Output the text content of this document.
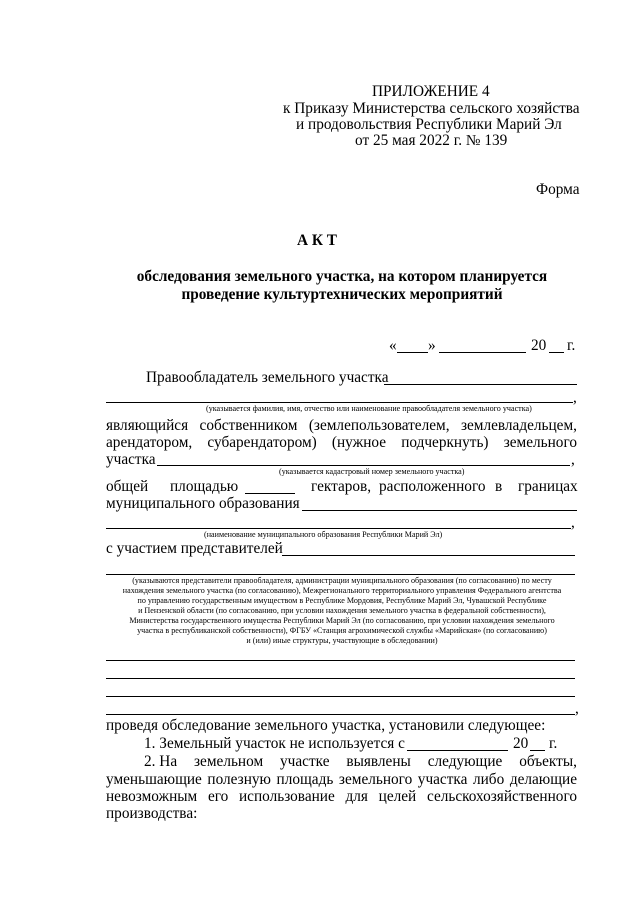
ПРИЛОЖЕНИЕ 4
к Приказу Министерства сельского хозяйства
и продовольствия Республики Марий Эл
от 25 мая 2022 г. № 139
Форма
А К Т
обследования земельного участка, на котором планируется
проведение культуртехнических мероприятий
« »	20 г.
Правообладатель земельного участка
,
(указывается фамилия, имя, отчество или наименование правообладателя земельного участка)
являющийся собственником (землепользователем, землевладельцем,
арендатором, субарендатором) (нужное подчеркнуть) земельного
участка	,
(указывается кадастровый номер земельного участка)
общей площадью	гектаров, расположенного в границах
муниципального образования
,
(наименование муниципального образования Республики Марий Эл)
с участием представителей
(указываются представители правообладателя, администрации муниципального образования (по согласованию) по месту
нахождения земельного участка (по согласованию), Межрегионального территориального управления Федерального агентства
по управлению государственным имуществом в Республике Мордовия, Республике Марий Эл, Чувашской Республике
и Пензенской области (по согласованию, при условии нахождения земельного участка в федеральной собственности),
Министерства государственного имущества Республики Марий Эл (по согласованию, при условии нахождения земельного
участка в республиканской собственности), ФГБУ «Станция агрохимической службы «Марийская» (по согласованию)
и (или) иные структуры, участвующие в обследовании)
,
проведя обследование земельного участка, установили следующее:
1. Земельный участок не используется с	20 г.
2. На земельном участке выявлены следующие объекты,
уменьшающие полезную площадь земельного участка либо делающие
невозможным его использование для целей сельскохозяйственного
производства:
